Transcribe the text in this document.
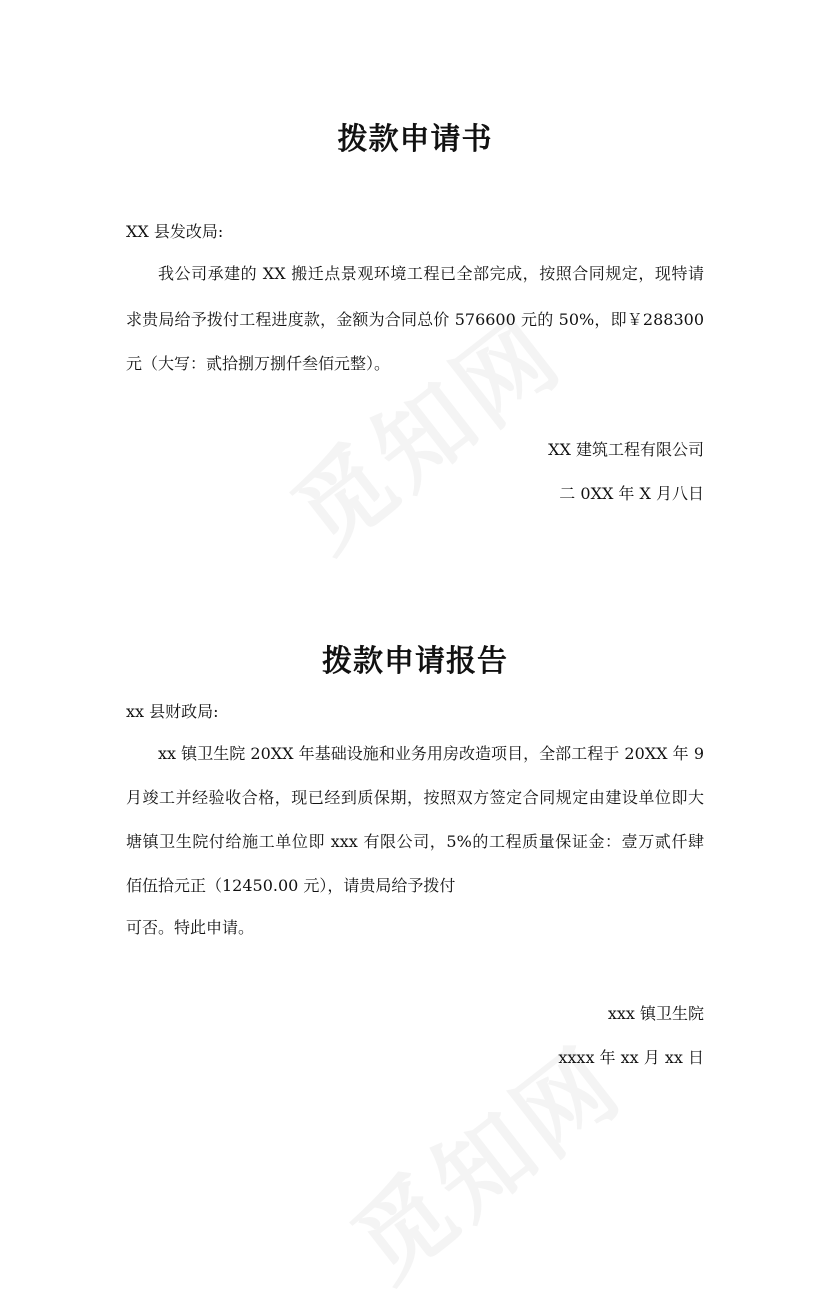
拨款申请书

XX 县发改局:

我公司承建的 XX 搬迁点景观环境工程已全部完成，按照合同规定，现特请

求贵局给予拨付工程进度款，金额为合同总价 576600 元的 50%，即￥288300

元（大写：贰拾捌万捌仟叁佰元整）。

XX 建筑工程有限公司

二 0XX 年 X 月八日

拨款申请报告

xx 县财政局:

xx 镇卫生院 20XX 年基础设施和业务用房改造项目，全部工程于 20XX 年 9

月竣工并经验收合格，现已经到质保期，按照双方签定合同规定由建设单位即大

塘镇卫生院付给施工单位即 xxx 有限公司，5%的工程质量保证金：壹万贰仟肆

佰伍拾元正（12450.00 元），请贵局给予拨付

可否。特此申请。

xxx 镇卫生院

xxxx 年 xx 月 xx 日
